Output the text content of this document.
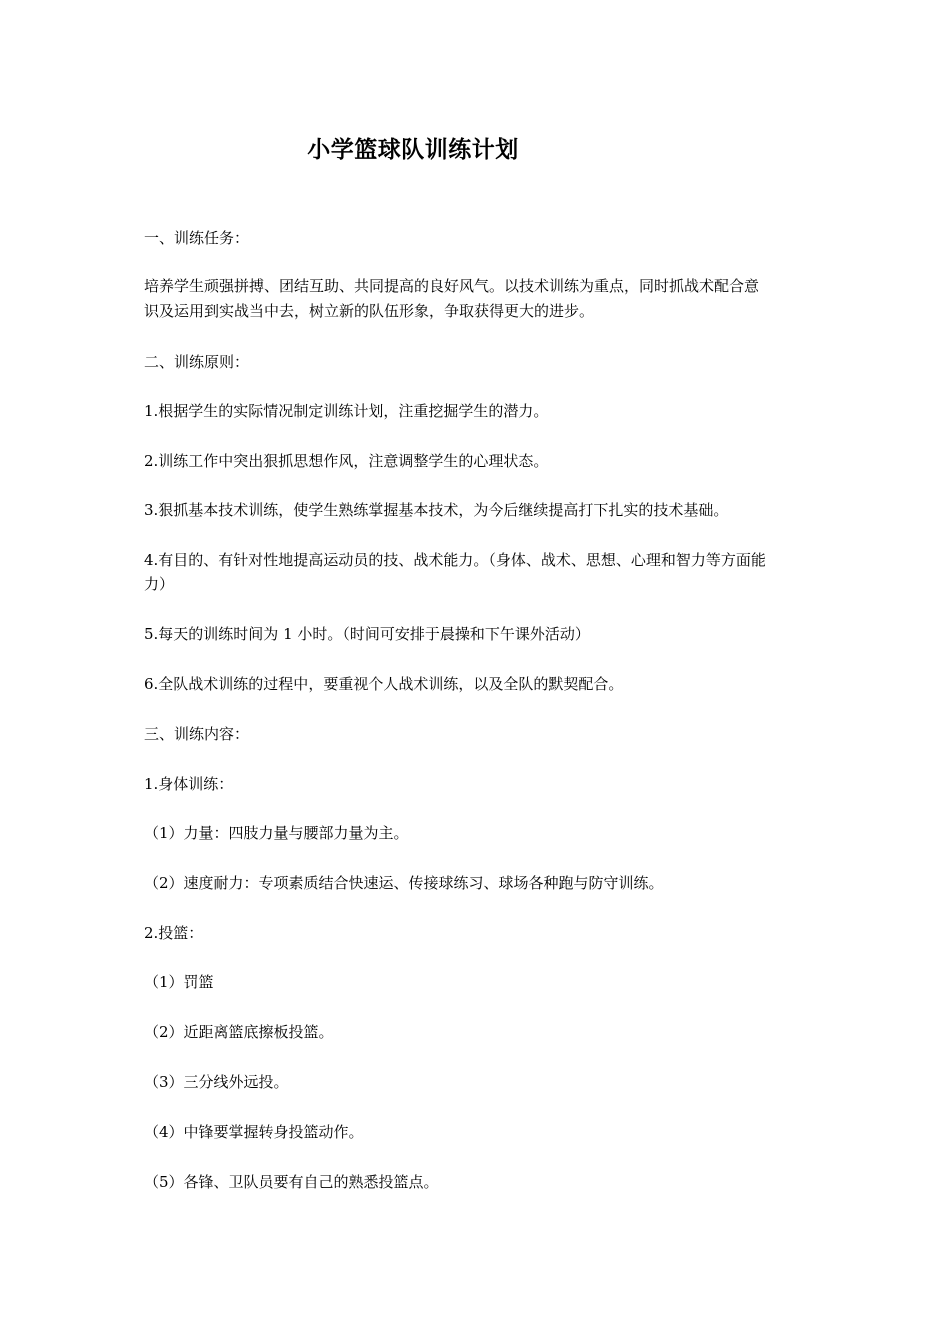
小学篮球队训练计划
一、训练任务：
培养学生顽强拼搏、团结互助、共同提高的良好风气。以技术训练为重点，同时抓战术配合意
识及运用到实战当中去，树立新的队伍形象，争取获得更大的进步。
二、训练原则：
1.根据学生的实际情况制定训练计划，注重挖掘学生的潜力。
2.训练工作中突出狠抓思想作风，注意调整学生的心理状态。
3.狠抓基本技术训练，使学生熟练掌握基本技术，为今后继续提高打下扎实的技术基础。
4.有目的、有针对性地提高运动员的技、战术能力。（身体、战术、思想、心理和智力等方面能
力）
5.每天的训练时间为 1 小时。（时间可安排于晨操和下午课外活动）
6.全队战术训练的过程中，要重视个人战术训练，以及全队的默契配合。
三、训练内容：
1.身体训练：
（1）力量：四肢力量与腰部力量为主。
（2）速度耐力：专项素质结合快速运、传接球练习、球场各种跑与防守训练。
2.投篮：
（1）罚篮
（2）近距离篮底擦板投篮。
（3）三分线外远投。
（4）中锋要掌握转身投篮动作。
（5）各锋、卫队员要有自己的熟悉投篮点。
